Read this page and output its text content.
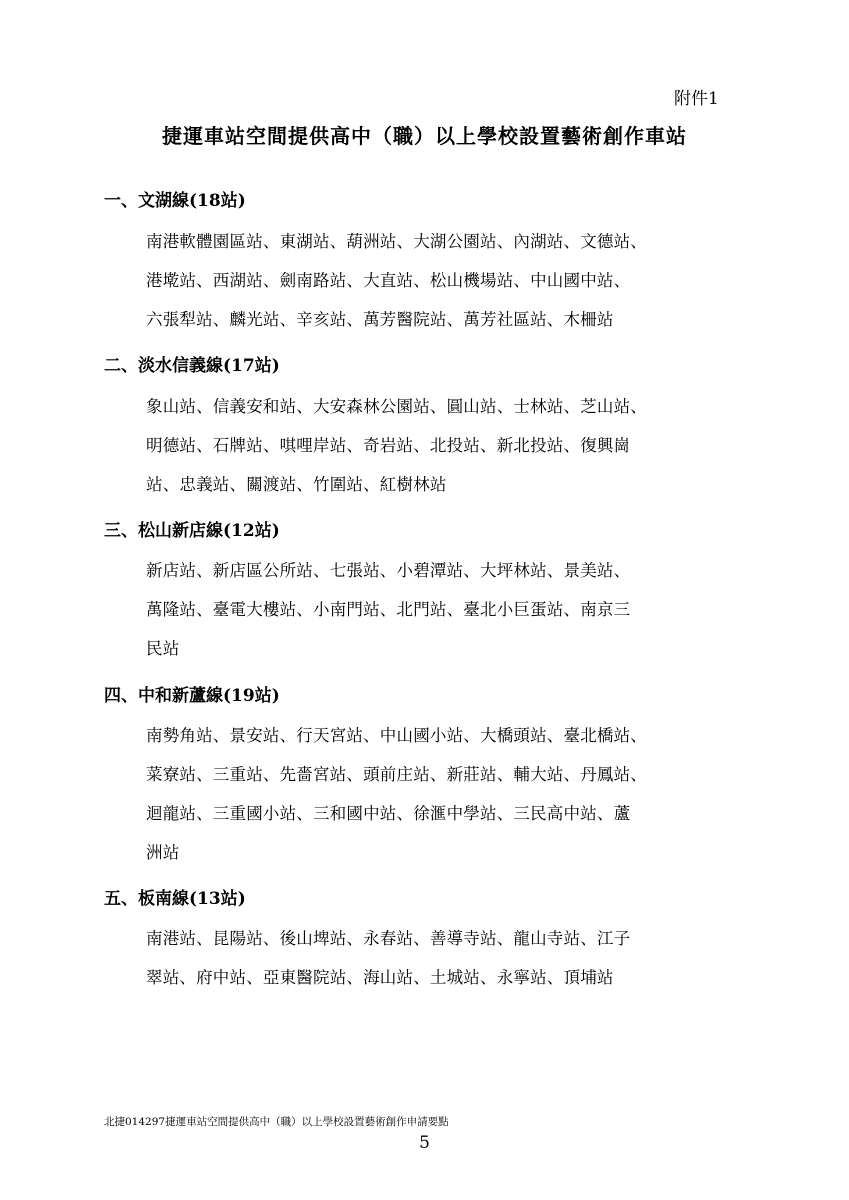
附件1
捷運車站空間提供高中（職）以上學校設置藝術創作車站
一、文湖線(18站)
南港軟體園區站、東湖站、葫洲站、大湖公園站、內湖站、文德站、
港墘站、西湖站、劍南路站、大直站、松山機場站、中山國中站、
六張犁站、麟光站、辛亥站、萬芳醫院站、萬芳社區站、木柵站
二、淡水信義線(17站)
象山站、信義安和站、大安森林公園站、圓山站、士林站、芝山站、
明德站、石牌站、唭哩岸站、奇岩站、北投站、新北投站、復興崗
站、忠義站、關渡站、竹圍站、紅樹林站
三、松山新店線(12站)
新店站、新店區公所站、七張站、小碧潭站、大坪林站、景美站、
萬隆站、臺電大樓站、小南門站、北門站、臺北小巨蛋站、南京三
民站
四、中和新蘆線(19站)
南勢角站、景安站、行天宮站、中山國小站、大橋頭站、臺北橋站、
菜寮站、三重站、先嗇宮站、頭前庄站、新莊站、輔大站、丹鳳站、
迴龍站、三重國小站、三和國中站、徐滙中學站、三民高中站、蘆
洲站
五、板南線(13站)
南港站、昆陽站、後山埤站、永春站、善導寺站、龍山寺站、江子
翠站、府中站、亞東醫院站、海山站、土城站、永寧站、頂埔站
北捷014297捷運車站空間提供高中（職）以上學校設置藝術創作申請要點
5
